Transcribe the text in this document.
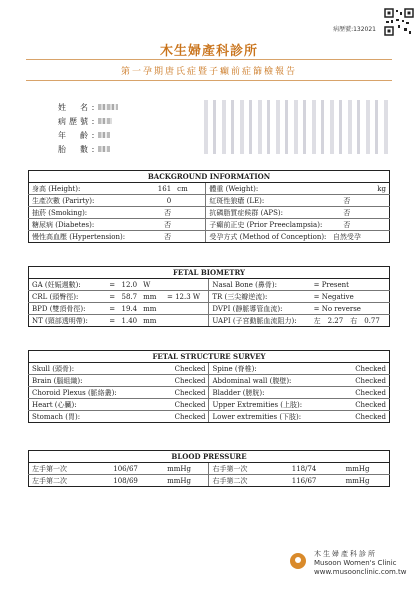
病歷號:132021
木生婦產科診所
第一孕期唐氏症暨子癲前症篩檢報告
姓　名 :
病歷號 :
年　齡 :
胎　數 :
BACKGROUND INFORMATION					
身高 (Height):	161	cm	體重 (Weight):		kg
生產次數 (Parirty):	0		紅斑性狼瘡 (LE):	否	
抽菸 (Smoking):	否		抗磷脂質症候群 (APS):	否	
糖尿病 (Diabetes):	否		子癲前正史 (Prior Preeclampsia):	否	
慢性高血壓 (Hypertension):	否		受孕方式 (Method of Conception):	自然受孕	
FETAL BIOMETRY						
GA (妊娠週數):	=	12.0	W		Nasal Bone (鼻骨):	= Present
CRL (頭臀徑):	=	58.7	mm	= 12.3 W	TR (三尖瓣逆流):	= Negative
BPD (雙頂骨徑):	=	19.4	mm		DVPI (靜脈導管血流):	= No reverse
NT (頸部透明帶):	=	1.40	mm		UAPI (子宮動脈血流阻力):	左　2.27　右　0.77
FETAL STRUCTURE SURVEY			
Skull (頭骨):	Checked	Spine (脊椎):	Checked
Brain (腦組織):	Checked	Abdominal wall (腹壁):	Checked
Choroid Plexus (脈絡叢):	Checked	Bladder (膀胱):	Checked
Heart (心臟):	Checked	Upper Extremities (上肢):	Checked
Stomach (胃):	Checked	Lower extremities (下肢):	Checked
BLOOD PRESSURE					
左手第一次	106/67	mmHg	右手第一次	118/74	mmHg
左手第二次	108/69	mmHg	右手第二次	116/67	mmHg
木生婦產科診所
Musoon Women's Clinic
www.musoonclinic.com.tw
